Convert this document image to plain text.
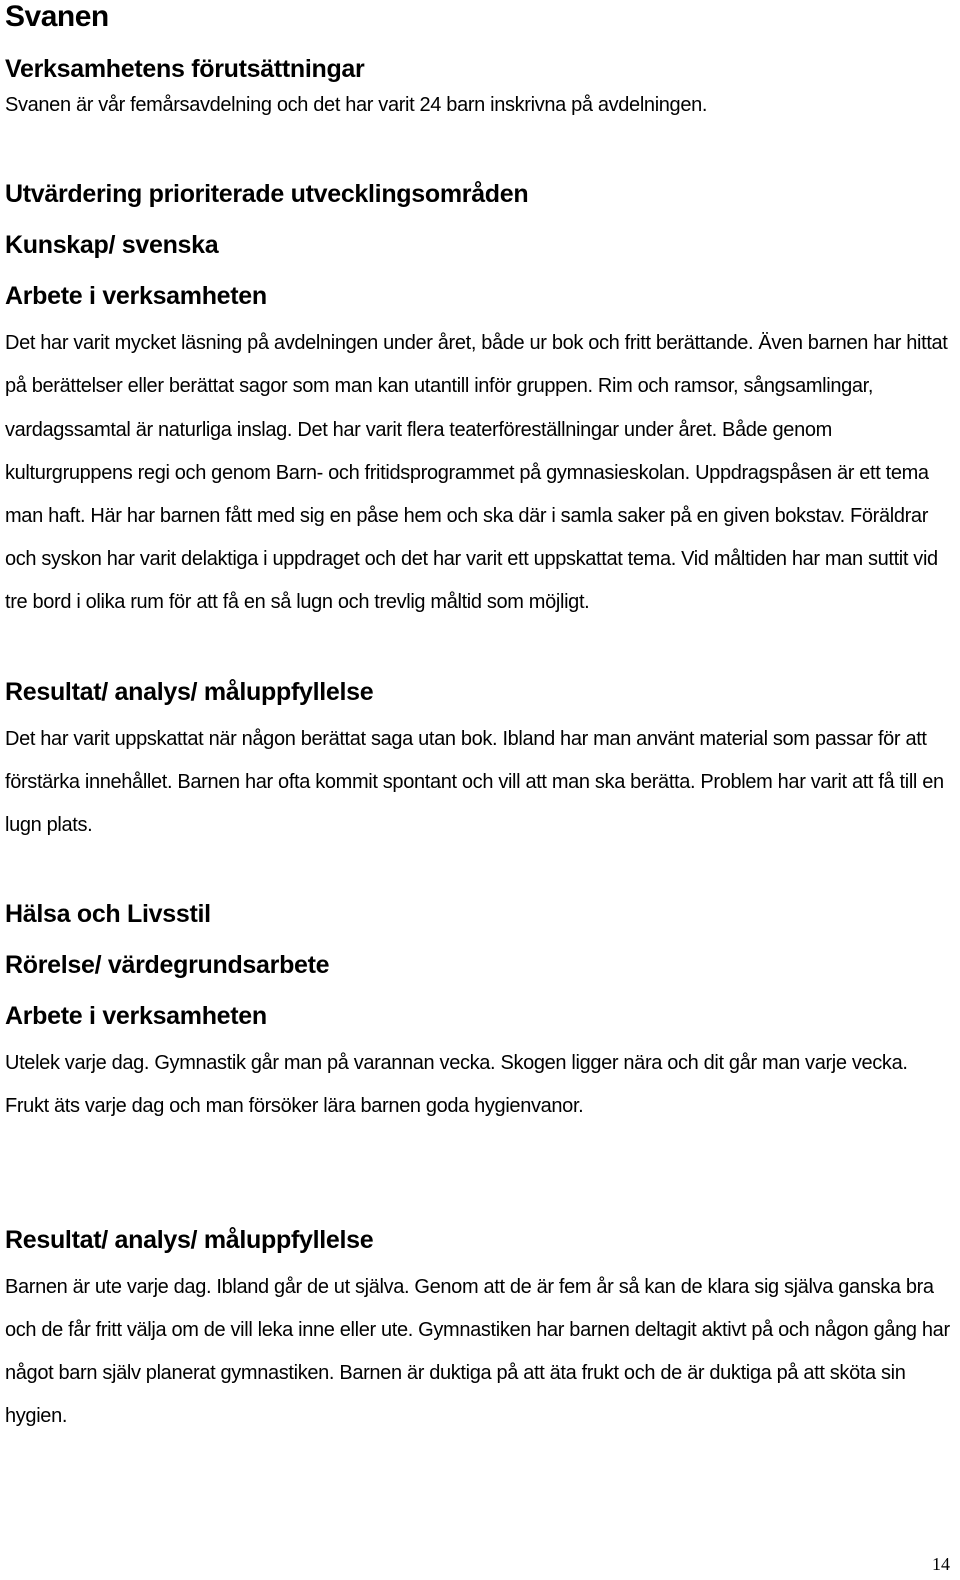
Svanen
Verksamhetens förutsättningar

Svanen är vår femårsavdelning och det har varit 24 barn inskrivna på avdelningen.

Utvärdering prioriterade utvecklingsområden
Kunskap/ svenska
Arbete i verksamheten

Det har varit mycket läsning på avdelningen under året, både ur bok och fritt berättande. Även barnen har hittat på berättelser eller berättat sagor som man kan utantill inför gruppen. Rim och ramsor, sångsamlingar, vardagssamtal är naturliga inslag. Det har varit flera teaterföreställningar under året. Både genom kulturgruppens regi och genom Barn- och fritidsprogrammet på gymnasieskolan. Uppdragspåsen är ett tema man haft. Här har barnen fått med sig en påse hem och ska där i samla saker på en given bokstav. Föräldrar och syskon har varit delaktiga i uppdraget och det har varit ett uppskattat tema. Vid måltiden har man suttit vid tre bord i olika rum för att få en så lugn och trevlig måltid som möjligt.

Resultat/ analys/ måluppfyllelse

Det har varit uppskattat när någon berättat saga utan bok. Ibland har man använt material som passar för att förstärka innehållet. Barnen har ofta kommit spontant och vill att man ska berätta. Problem har varit att få till en lugn plats.

Hälsa och Livsstil
Rörelse/ värdegrundsarbete
Arbete i verksamheten

Utelek varje dag. Gymnastik går man på varannan vecka. Skogen ligger nära och dit går man varje vecka. Frukt äts varje dag och man försöker lära barnen goda hygienvanor.

Resultat/ analys/ måluppfyllelse

Barnen är ute varje dag. Ibland går de ut själva. Genom att de är fem år så kan de klara sig själva ganska bra och de får fritt välja om de vill leka inne eller ute. Gymnastiken har barnen deltagit aktivt på och någon gång har något barn själv planerat gymnastiken. Barnen är duktiga på att äta frukt och de är duktiga på att sköta sin hygien.

14
